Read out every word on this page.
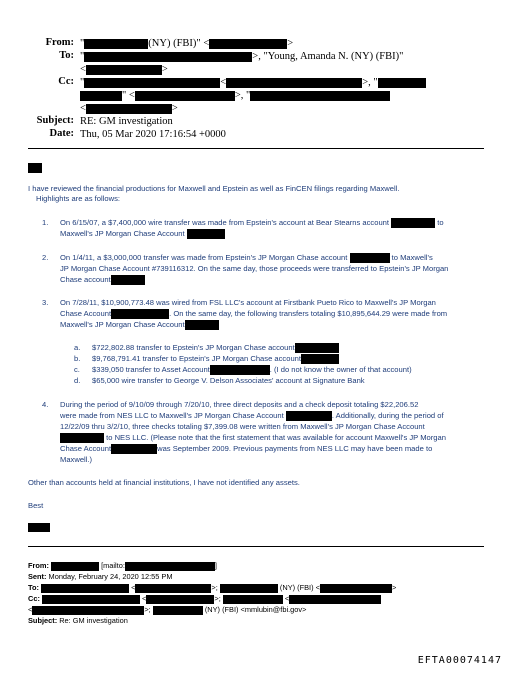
From: "	(NY) (FBI)" <	>
To: "	>, "Young, Amanda N. (NY) (FBI)"
<	>
Cc: "	<	>, "
" <	>, "
<	>
Subject: RE: GM investigation
Date: Thu, 05 Mar 2020 17:16:54 +0000
I have reviewed the financial productions for Maxwell and Epstein as well as FinCEN filings regarding Maxwell.
Highlights are as follows:
1. On 6/15/07, a $7,400,000 wire transfer was made from Epstein's account at Bear Stearns account	to
Maxwell's JP Morgan Chase Account
2. On 1/4/11, a $3,000,000 transfer was made from Epstein's JP Morgan Chase account	to Maxwell's
JP Morgan Chase Account #739116312. On the same day, those proceeds were transferred to Epstein's JP Morgan
Chase account
3. On 7/28/11, $10,900,773.48 was wired from FSL LLC's account at Firstbank Pueto Rico to Maxwell's JP Morgan
Chase Account	. On the same day, the following transfers totaling $10,895,644.29 were made from
Maxwell's JP Morgan Chase Account
a. $722,802.88 transfer to Epstein's JP Morgan Chase account
b. $9,768,791.41 transfer to Epstein's JP Morgan Chase account
c. $339,050 transfer to Asset Account	. (I do not know the owner of that account)
d. $65,000 wire transfer to George V. Delson Associates' account at Signature Bank
4. During the period of 9/10/09 through 7/20/10, three direct deposits and a check deposit totaling $22,206.52
were made from NES LLC to Maxwell's JP Morgan Chase Account	. Additionally, during the period of
12/22/09 thru 3/2/10, three checks totaling $7,399.08 were written from Maxwell's JP Morgan Chase Account
to NES LLC. (Please note that the first statement that was available for account Maxwell's JP Morgan
Chase Account	was September 2009. Previous payments from NES LLC may have been made to
Maxwell.)
Other than accounts held at financial institutions, I have not identified any assets.
Best
From:	[mailto:	]
Sent: Monday, February 24, 2020 12:55 PM
To:	<	>;	(NY) (FBI) <	>
Cc:	<	>;	<
<	>;	(NY) (FBI) <mmlubin@fbi.gov>
Subject: Re: GM investigation
EFTA00074147
